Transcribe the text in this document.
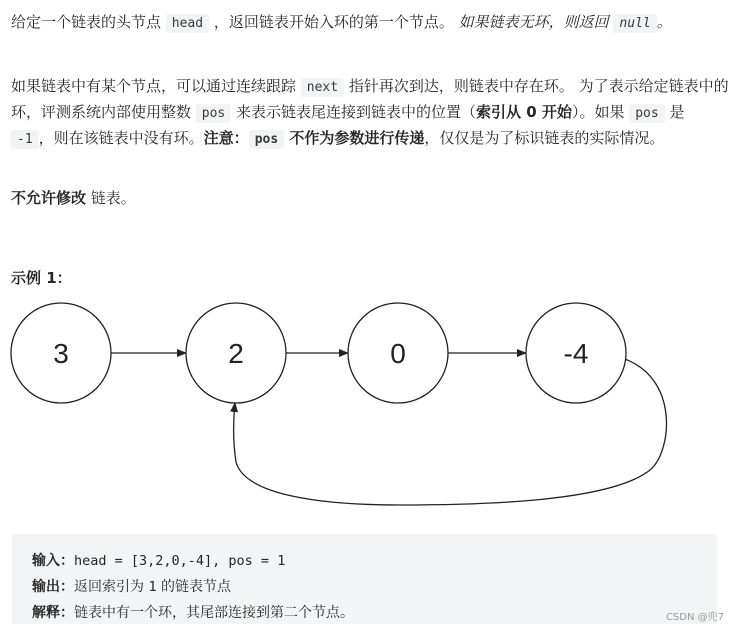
给定一个链表的头节点 head ，返回链表开始入环的第一个节点。 如果链表无环，则返回 null 。

如果链表中有某个节点，可以通过连续跟踪 next 指针再次到达，则链表中存在环。 为了表示给定链表中的环，评测系统内部使用整数 pos 来表示链表尾连接到链表中的位置（索引从 0 开始）。如果 pos 是 -1 ，则在该链表中没有环。注意： pos 不作为参数进行传递，仅仅是为了标识链表的实际情况。

不允许修改 链表。

示例 1：

3	2	0	-4
输入：head = [3,2,0,-4], pos = 1
输出：返回索引为 1 的链表节点
解释：链表中有一个环，其尾部连接到第二个节点。	CSDN @兜7
